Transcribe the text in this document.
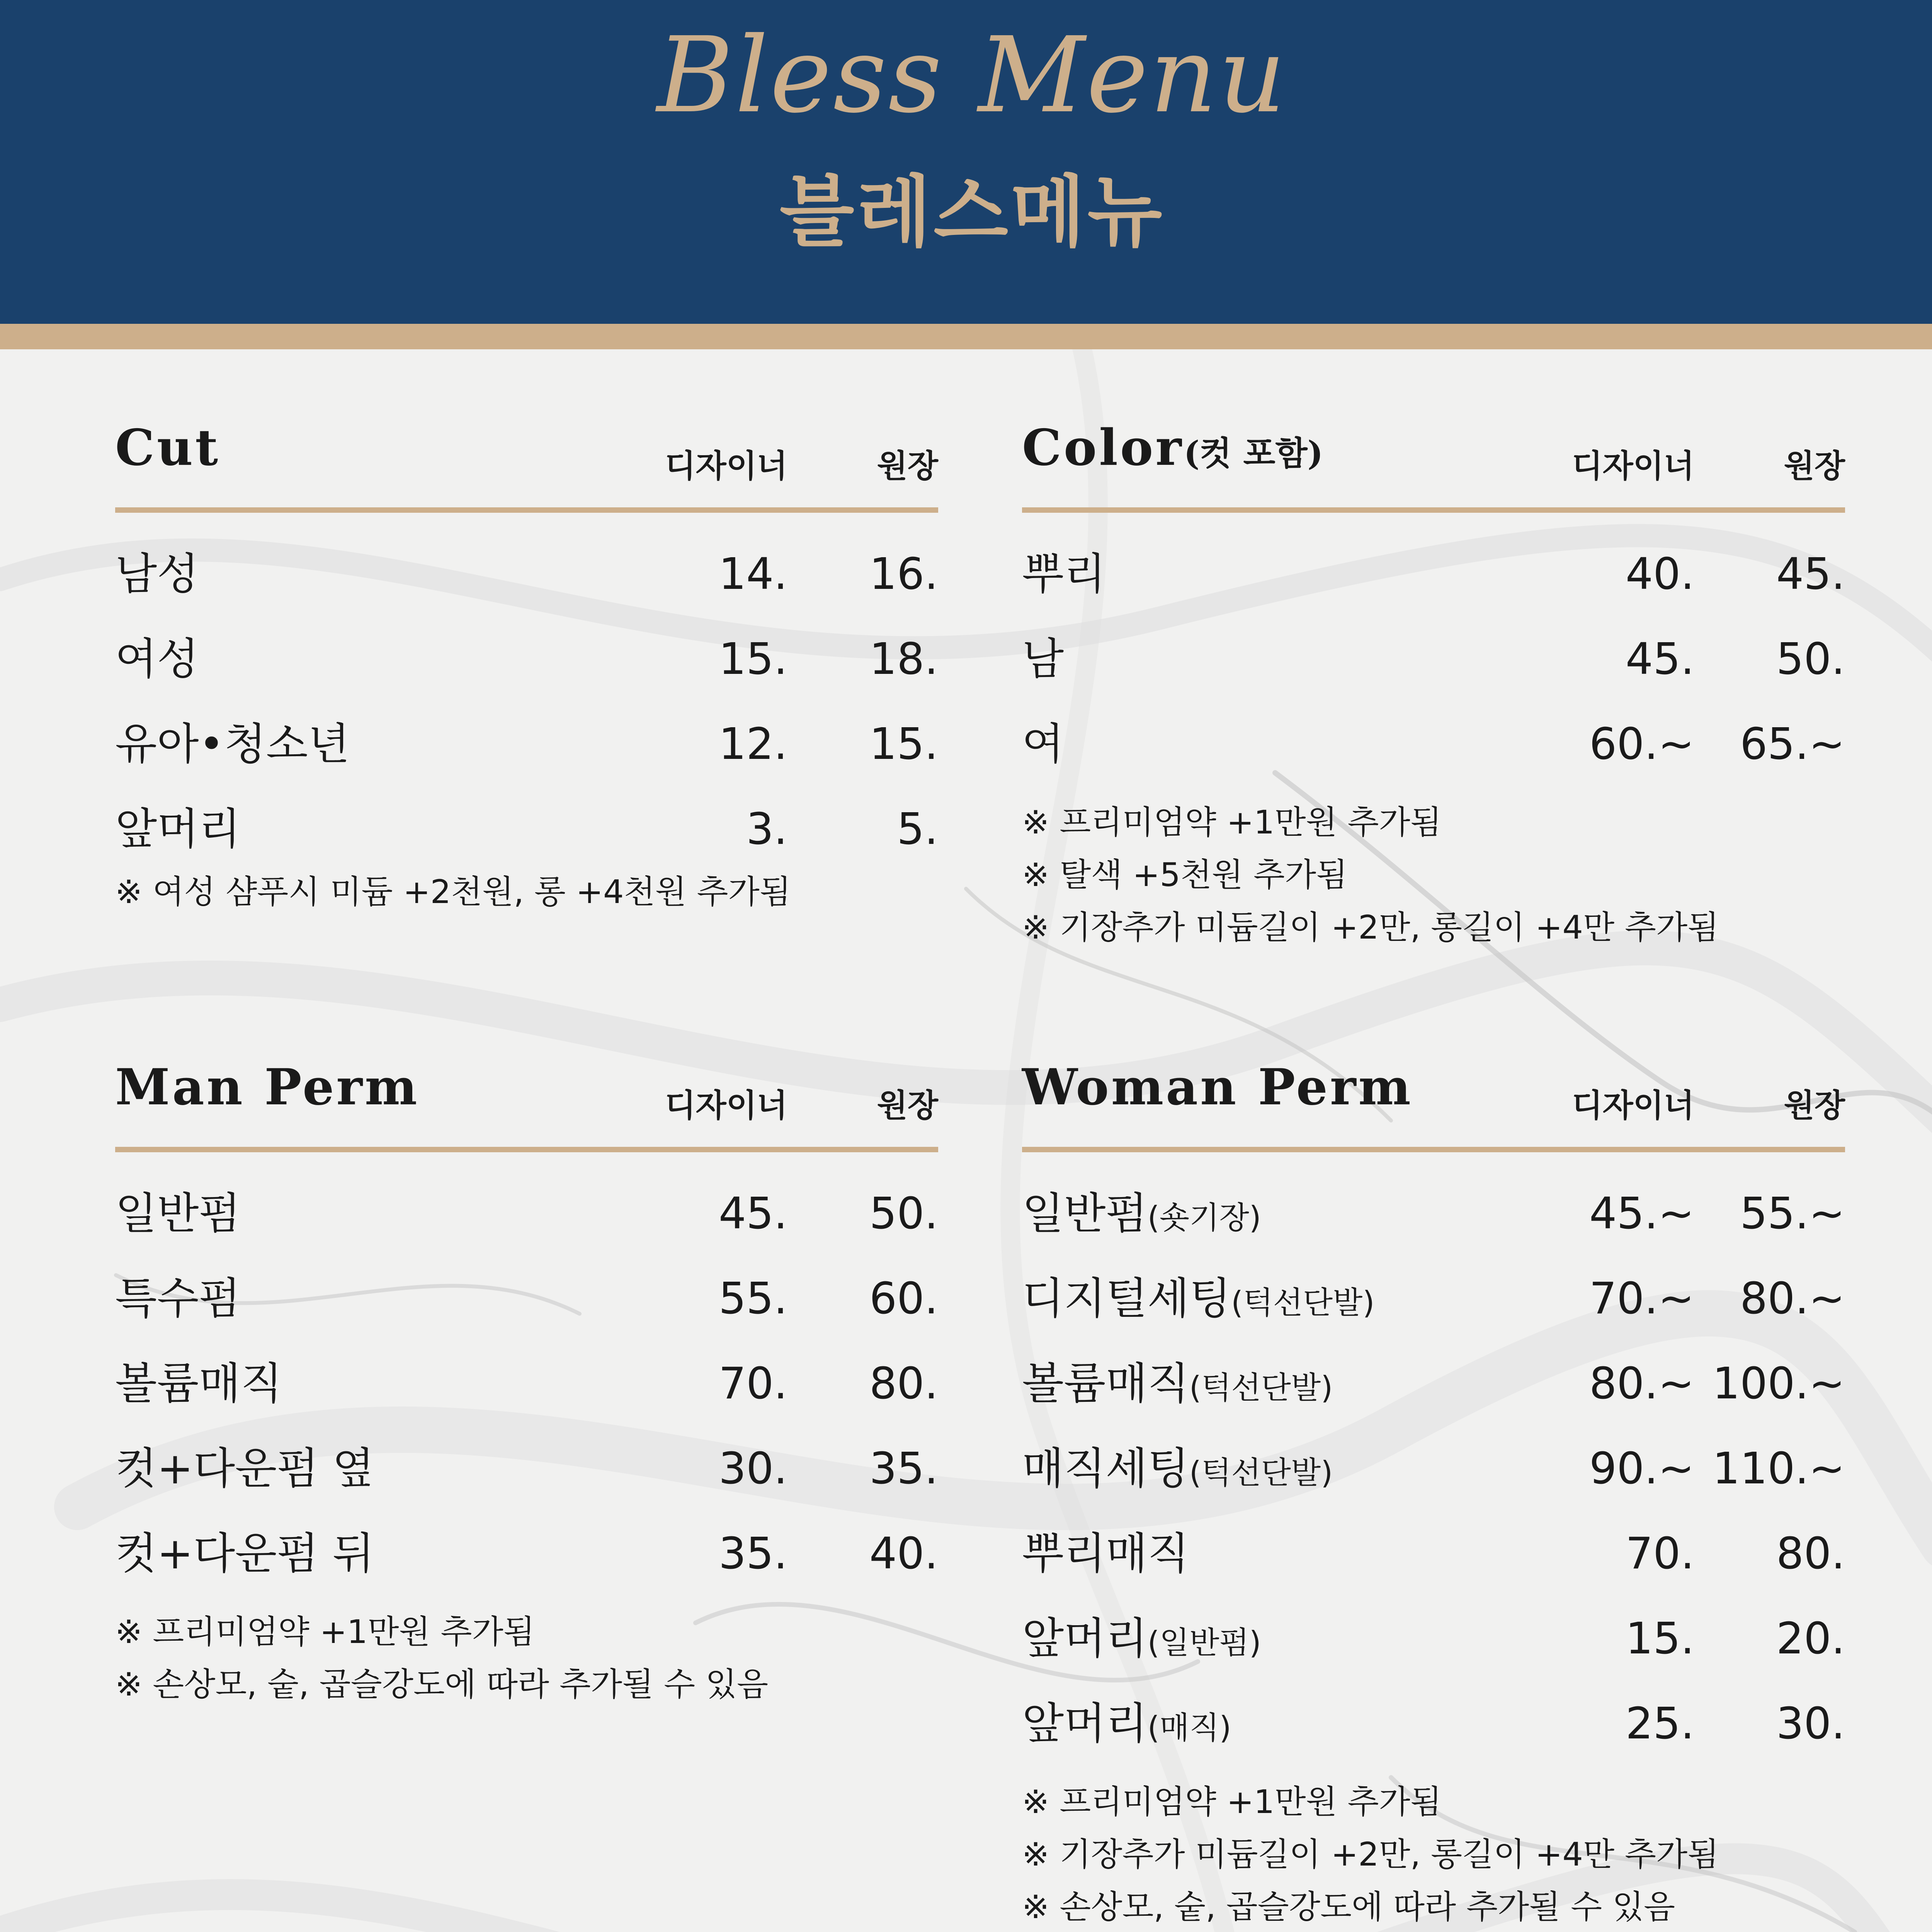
Bless Menu
블레스메뉴
Cut	디자이너	원장
남성	14. 16.
여성	15. 18.
유아•청소년	12. 15.
앞머리	3.	5.
※ 여성 샴푸시 미듐 +2천원, 롱 +4천원 추가됨
Color(컷 포함)	디자이너	원장
뿌리	40. 45.
남	45. 50.
여	60.~ 65.~
※ 프리미엄약 +1만원 추가됨
※ 탈색 +5천원 추가됨
※ 기장추가 미듐길이 +2만, 롱길이 +4만 추가됨
Man Perm	디자이너	원장
일반펌	45. 50.
특수펌	55. 60.
볼륨매직	70. 80.
컷+다운펌 옆	30. 35.
컷+다운펌 뒤	35. 40.
※ 프리미엄약 +1만원 추가됨
※ 손상모, 숱, 곱슬강도에 따라 추가될 수 있음
Woman Perm	디자이너	원장
일반펌(숏기장)	45.~ 55.~
디지털세팅(턱선단발)	70.~ 80.~
볼륨매직(턱선단발)	80.~ 100.~
매직세팅(턱선단발)	90.~ 110.~
뿌리매직	70. 80.
앞머리(일반펌)	15. 20.
앞머리(매직)	25. 30.
※ 프리미엄약 +1만원 추가됨
※ 기장추가 미듐길이 +2만, 롱길이 +4만 추가됨
※ 손상모, 숱, 곱슬강도에 따라 추가될 수 있음
